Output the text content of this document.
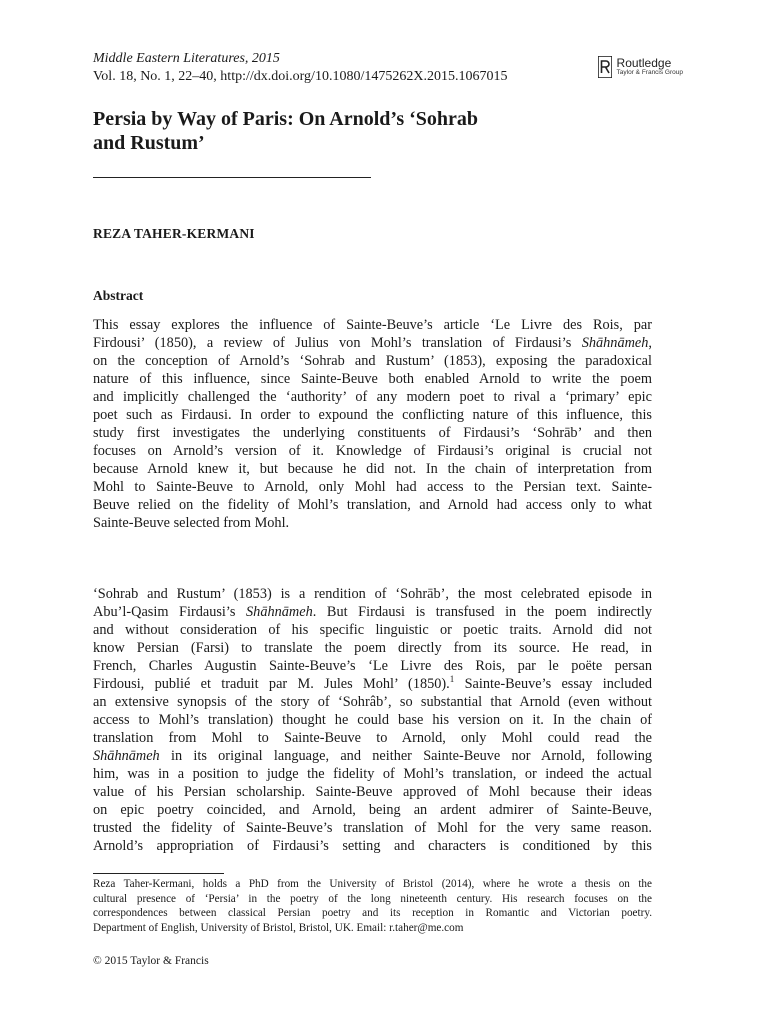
Middle Eastern Literatures, 2015
Vol. 18, No. 1, 22–40, http://dx.doi.org/10.1080/1475262X.2015.1067015
Routledge
Taylor & Francis Group
Persia by Way of Paris: On Arnold’s ‘Sohrab
and Rustum’
REZA TAHER-KERMANI
Abstract

This essay explores the influence of Sainte-Beuve’s article ‘Le Livre des Rois, par
Firdousi’ (1850), a review of Julius von Mohl’s translation of Firdausi’s Shāhnāmeh,
on the conception of Arnold’s ‘Sohrab and Rustum’ (1853), exposing the paradoxical
nature of this influence, since Sainte-Beuve both enabled Arnold to write the poem
and implicitly challenged the ‘authority’ of any modern poet to rival a ‘primary’ epic
poet such as Firdausi. In order to expound the conflicting nature of this influence, this
study first investigates the underlying constituents of Firdausi’s ‘Sohrāb’ and then
focuses on Arnold’s version of it. Knowledge of Firdausi’s original is crucial not
because Arnold knew it, but because he did not. In the chain of interpretation from
Mohl to Sainte-Beuve to Arnold, only Mohl had access to the Persian text. Sainte-
Beuve relied on the fidelity of Mohl’s translation, and Arnold had access only to what
Sainte-Beuve selected from Mohl.

‘Sohrab and Rustum’ (1853) is a rendition of ‘Sohrāb’, the most celebrated episode in
Abu’l-Qasim Firdausi’s Shāhnāmeh. But Firdausi is transfused in the poem indirectly
and without consideration of his specific linguistic or poetic traits. Arnold did not
know Persian (Farsi) to translate the poem directly from its source. He read, in
French, Charles Augustin Sainte-Beuve’s ‘Le Livre des Rois, par le poëte persan
Firdousi, publié et traduit par M. Jules Mohl’ (1850).$^1$ Sainte-Beuve’s essay included
an extensive synopsis of the story of ‘Sohrâb’, so substantial that Arnold (even without
access to Mohl’s translation) thought he could base his version on it. In the chain of
translation from Mohl to Sainte-Beuve to Arnold, only Mohl could read the
Shāhnāmeh in its original language, and neither Sainte-Beuve nor Arnold, following
him, was in a position to judge the fidelity of Mohl’s translation, or indeed the actual
value of his Persian scholarship. Sainte-Beuve approved of Mohl because their ideas
on epic poetry coincided, and Arnold, being an ardent admirer of Sainte-Beuve,
trusted the fidelity of Sainte-Beuve’s translation of Mohl for the very same reason.
Arnold’s appropriation of Firdausi’s setting and characters is conditioned by this

Reza Taher-Kermani, holds a PhD from the University of Bristol (2014), where he wrote a thesis on the
cultural presence of ‘Persia’ in the poetry of the long nineteenth century. His research focuses on the
correspondences between classical Persian poetry and its reception in Romantic and Victorian poetry.
Department of English, University of Bristol, Bristol, UK. Email: r.taher@me.com

© 2015 Taylor & Francis
